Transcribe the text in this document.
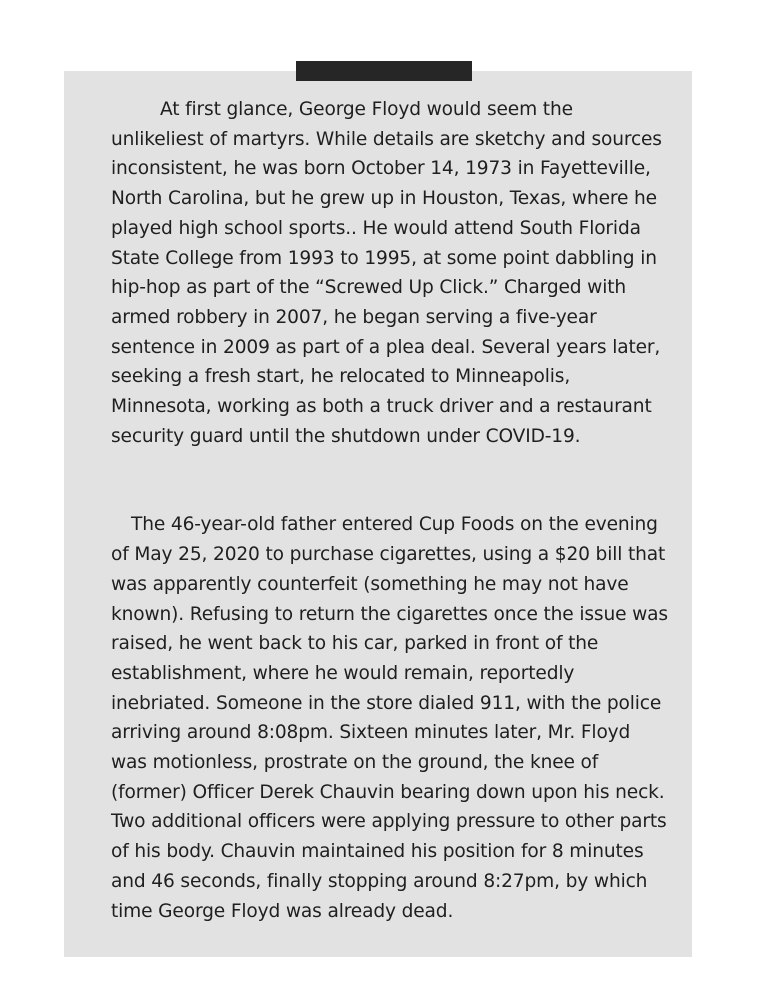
At first glance, George Floyd would seem the unlikeliest of martyrs. While details are sketchy and sources inconsistent, he was born October 14, 1973 in Fayetteville, North Carolina, but he grew up in Houston, Texas, where he played high school sports.. He would attend South Florida State College from 1993 to 1995, at some point dabbling in hip-hop as part of the “Screwed Up Click.” Charged with armed robbery in 2007, he began serving a five-year sentence in 2009 as part of a plea deal. Several years later, seeking a fresh start, he relocated to Minneapolis, Minnesota, working as both a truck driver and a restaurant security guard until the shutdown under COVID-19.

The 46-year-old father entered Cup Foods on the evening of May 25, 2020 to purchase cigarettes, using a $20 bill that was apparently counterfeit (something he may not have known). Refusing to return the cigarettes once the issue was raised, he went back to his car, parked in front of the establishment, where he would remain, reportedly inebriated. Someone in the store dialed 911, with the police arriving around 8:08pm. Sixteen minutes later, Mr. Floyd was motionless, prostrate on the ground, the knee of (former) Officer Derek Chauvin bearing down upon his neck. Two additional officers were applying pressure to other parts of his body. Chauvin maintained his position for 8 minutes and 46 seconds, finally stopping around 8:27pm, by which time George Floyd was already dead.
